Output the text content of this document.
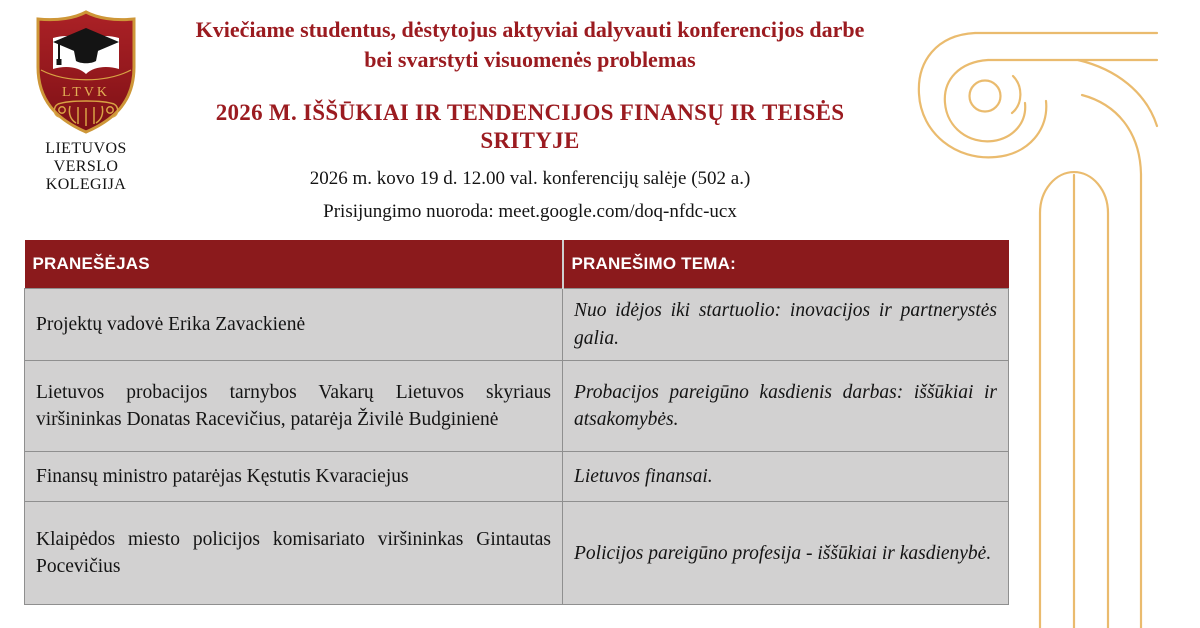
LTVK
LIETUVOS
VERSLO
KOLEGIJA
Kviečiame studentus, dėstytojus aktyviai dalyvauti konferencijos darbe
bei svarstyti visuomenės problemas
2026 M. IŠŠŪKIAI IR TENDENCIJOS FINANSŲ IR TEISĖS
SRITYJE
2026 m. kovo 19 d. 12.00 val. konferencijų salėje (502 a.)
Prisijungimo nuoroda: meet.google.com/doq-nfdc-ucx
PRANEŠĖJAS	PRANEŠIMO TEMA:
Projektų vadovė Erika Zavackienė	Nuo idėjos iki startuolio: inovacijos ir partnerystės galia.
Lietuvos probacijos tarnybos Vakarų Lietuvos skyriaus viršininkas Donatas Racevičius, patarėja Živilė Budginienė	Probacijos pareigūno kasdienis darbas: iššūkiai ir atsakomybės.
Finansų ministro patarėjas Kęstutis Kvaraciejus	Lietuvos finansai.
Klaipėdos miesto policijos komisariato viršininkas Gintautas Pocevičius	Policijos pareigūno profesija - iššūkiai ir kasdienybė.
